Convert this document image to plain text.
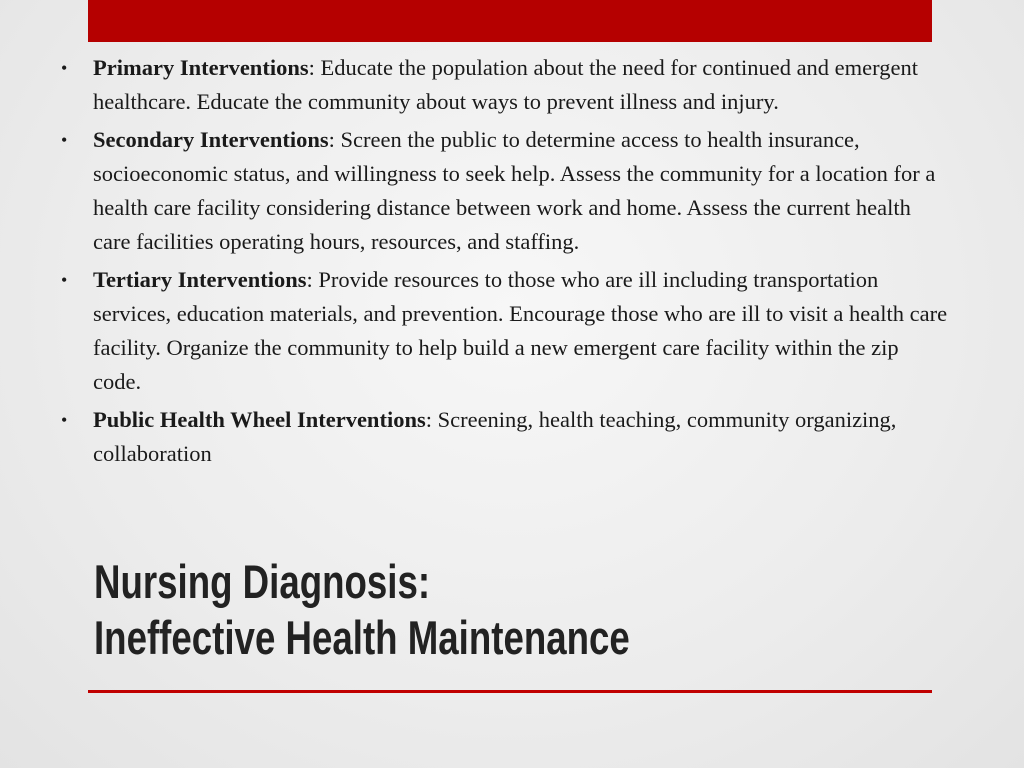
• Primary Interventions: Educate the population about the need for continued and emergent healthcare. Educate the community about ways to prevent illness and injury.
• Secondary Interventions: Screen the public to determine access to health insurance, socioeconomic status, and willingness to seek help. Assess the community for a location for a health care facility considering distance between work and home. Assess the current health care facilities operating hours, resources, and staffing.
• Tertiary Interventions: Provide resources to those who are ill including transportation services, education materials, and prevention. Encourage those who are ill to visit a health care facility. Organize the community to help build a new emergent care facility within the zip code.
• Public Health Wheel Interventions: Screening, health teaching, community organizing, collaboration
Nursing Diagnosis:
Ineffective Health Maintenance
